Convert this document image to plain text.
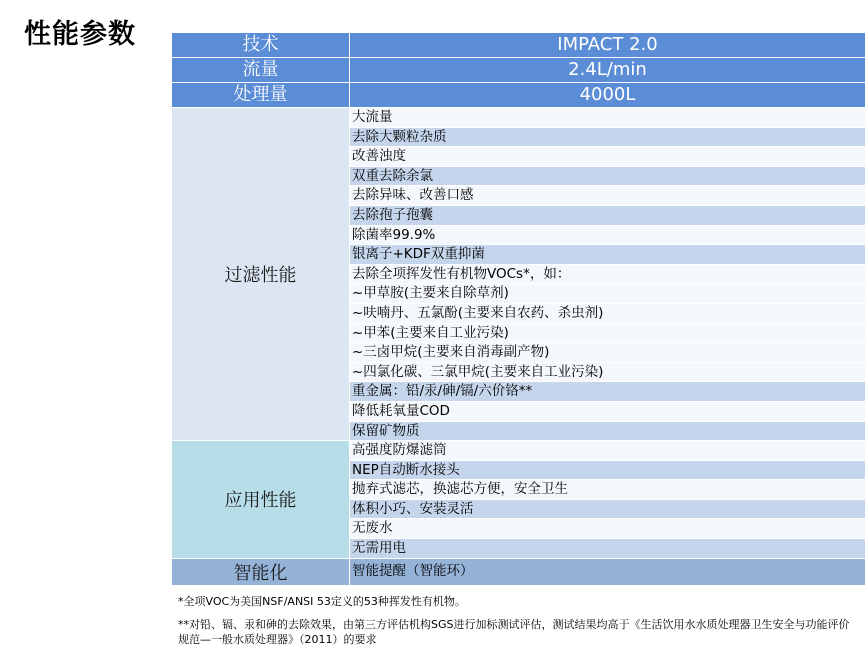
性能参数	技术	IMPACT 2.0
流量	2.4L/min
处理量	4000L
过滤性能	大流量
	去除大颗粒杂质
	改善浊度
	双重去除余氯
	去除异味、改善口感
	去除孢子孢囊
	除菌率99.9%
	银离子+KDF双重抑菌
	去除全项挥发性有机物VOCs*，如：
	~甲草胺(主要来自除草剂)
	~呋喃丹、五氯酚(主要来自农药、杀虫剂)
	~甲苯(主要来自工业污染)
	~三卤甲烷(主要来自消毒副产物)
	~四氯化碳、三氯甲烷(主要来自工业污染)
	重金属：铅/汞/砷/镉/六价铬**
	降低耗氧量COD
	保留矿物质
应用性能	高强度防爆滤筒
	NEP自动断水接头
	抛弃式滤芯，换滤芯方便，安全卫生
	体积小巧、安装灵活
	无废水
	无需用电
智能化	智能提醒（智能环）

*全项VOC为美国NSF/ANSI 53定义的53种挥发性有机物。

**对铅、镉、汞和砷的去除效果，由第三方评估机构SGS进行加标测试评估，测试结果均高于《生活饮用水水质处理器卫生安全与功能评价规范—一般水质处理器》（2011）的要求
